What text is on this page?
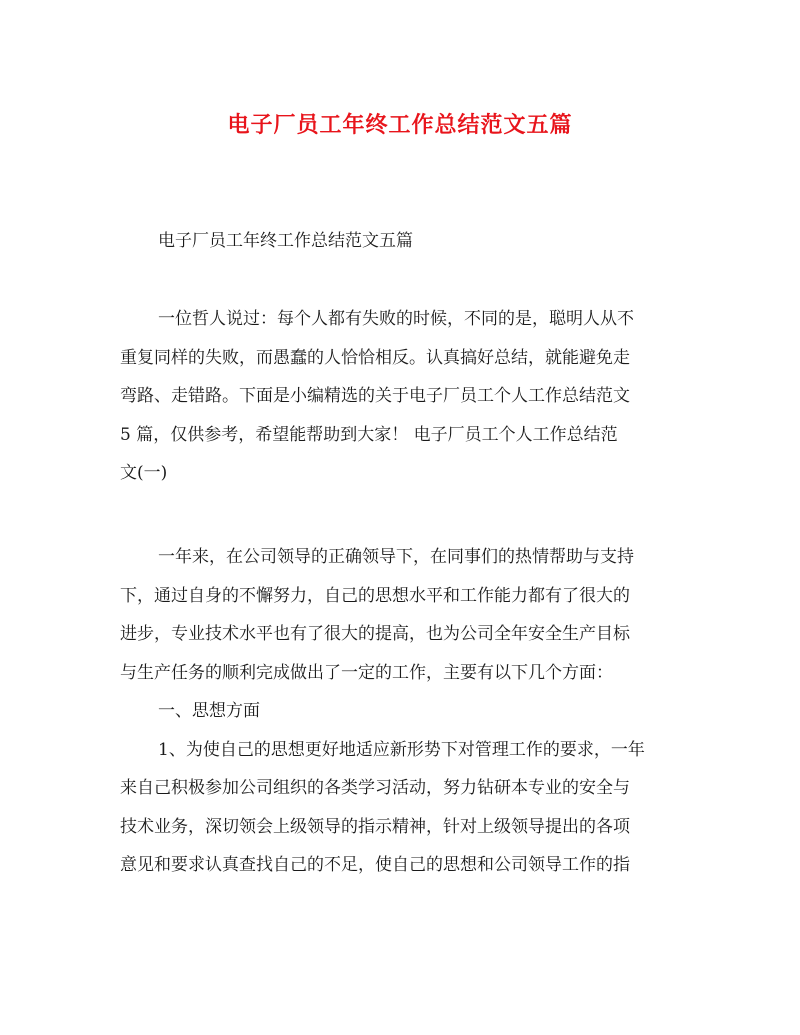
电子厂员工年终工作总结范文五篇

电子厂员工年终工作总结范文五篇

一位哲人说过：每个人都有失败的时候，不同的是，聪明人从不
重复同样的失败，而愚蠢的人恰恰相反。认真搞好总结，就能避免走
弯路、走错路。下面是小编精选的关于电子厂员工个人工作总结范文
5 篇，仅供参考，希望能帮助到大家！ 电子厂员工个人工作总结范
文(一)
一年来，在公司领导的正确领导下，在同事们的热情帮助与支持
下，通过自身的不懈努力，自己的思想水平和工作能力都有了很大的
进步，专业技术水平也有了很大的提高，也为公司全年安全生产目标
与生产任务的顺利完成做出了一定的工作，主要有以下几个方面：
一、思想方面
1、为使自己的思想更好地适应新形势下对管理工作的要求，一年
来自己积极参加公司组织的各类学习活动，努力钻研本专业的安全与
技术业务，深切领会上级领导的指示精神，针对上级领导提出的各项
意见和要求认真查找自己的不足，使自己的思想和公司领导工作的指
